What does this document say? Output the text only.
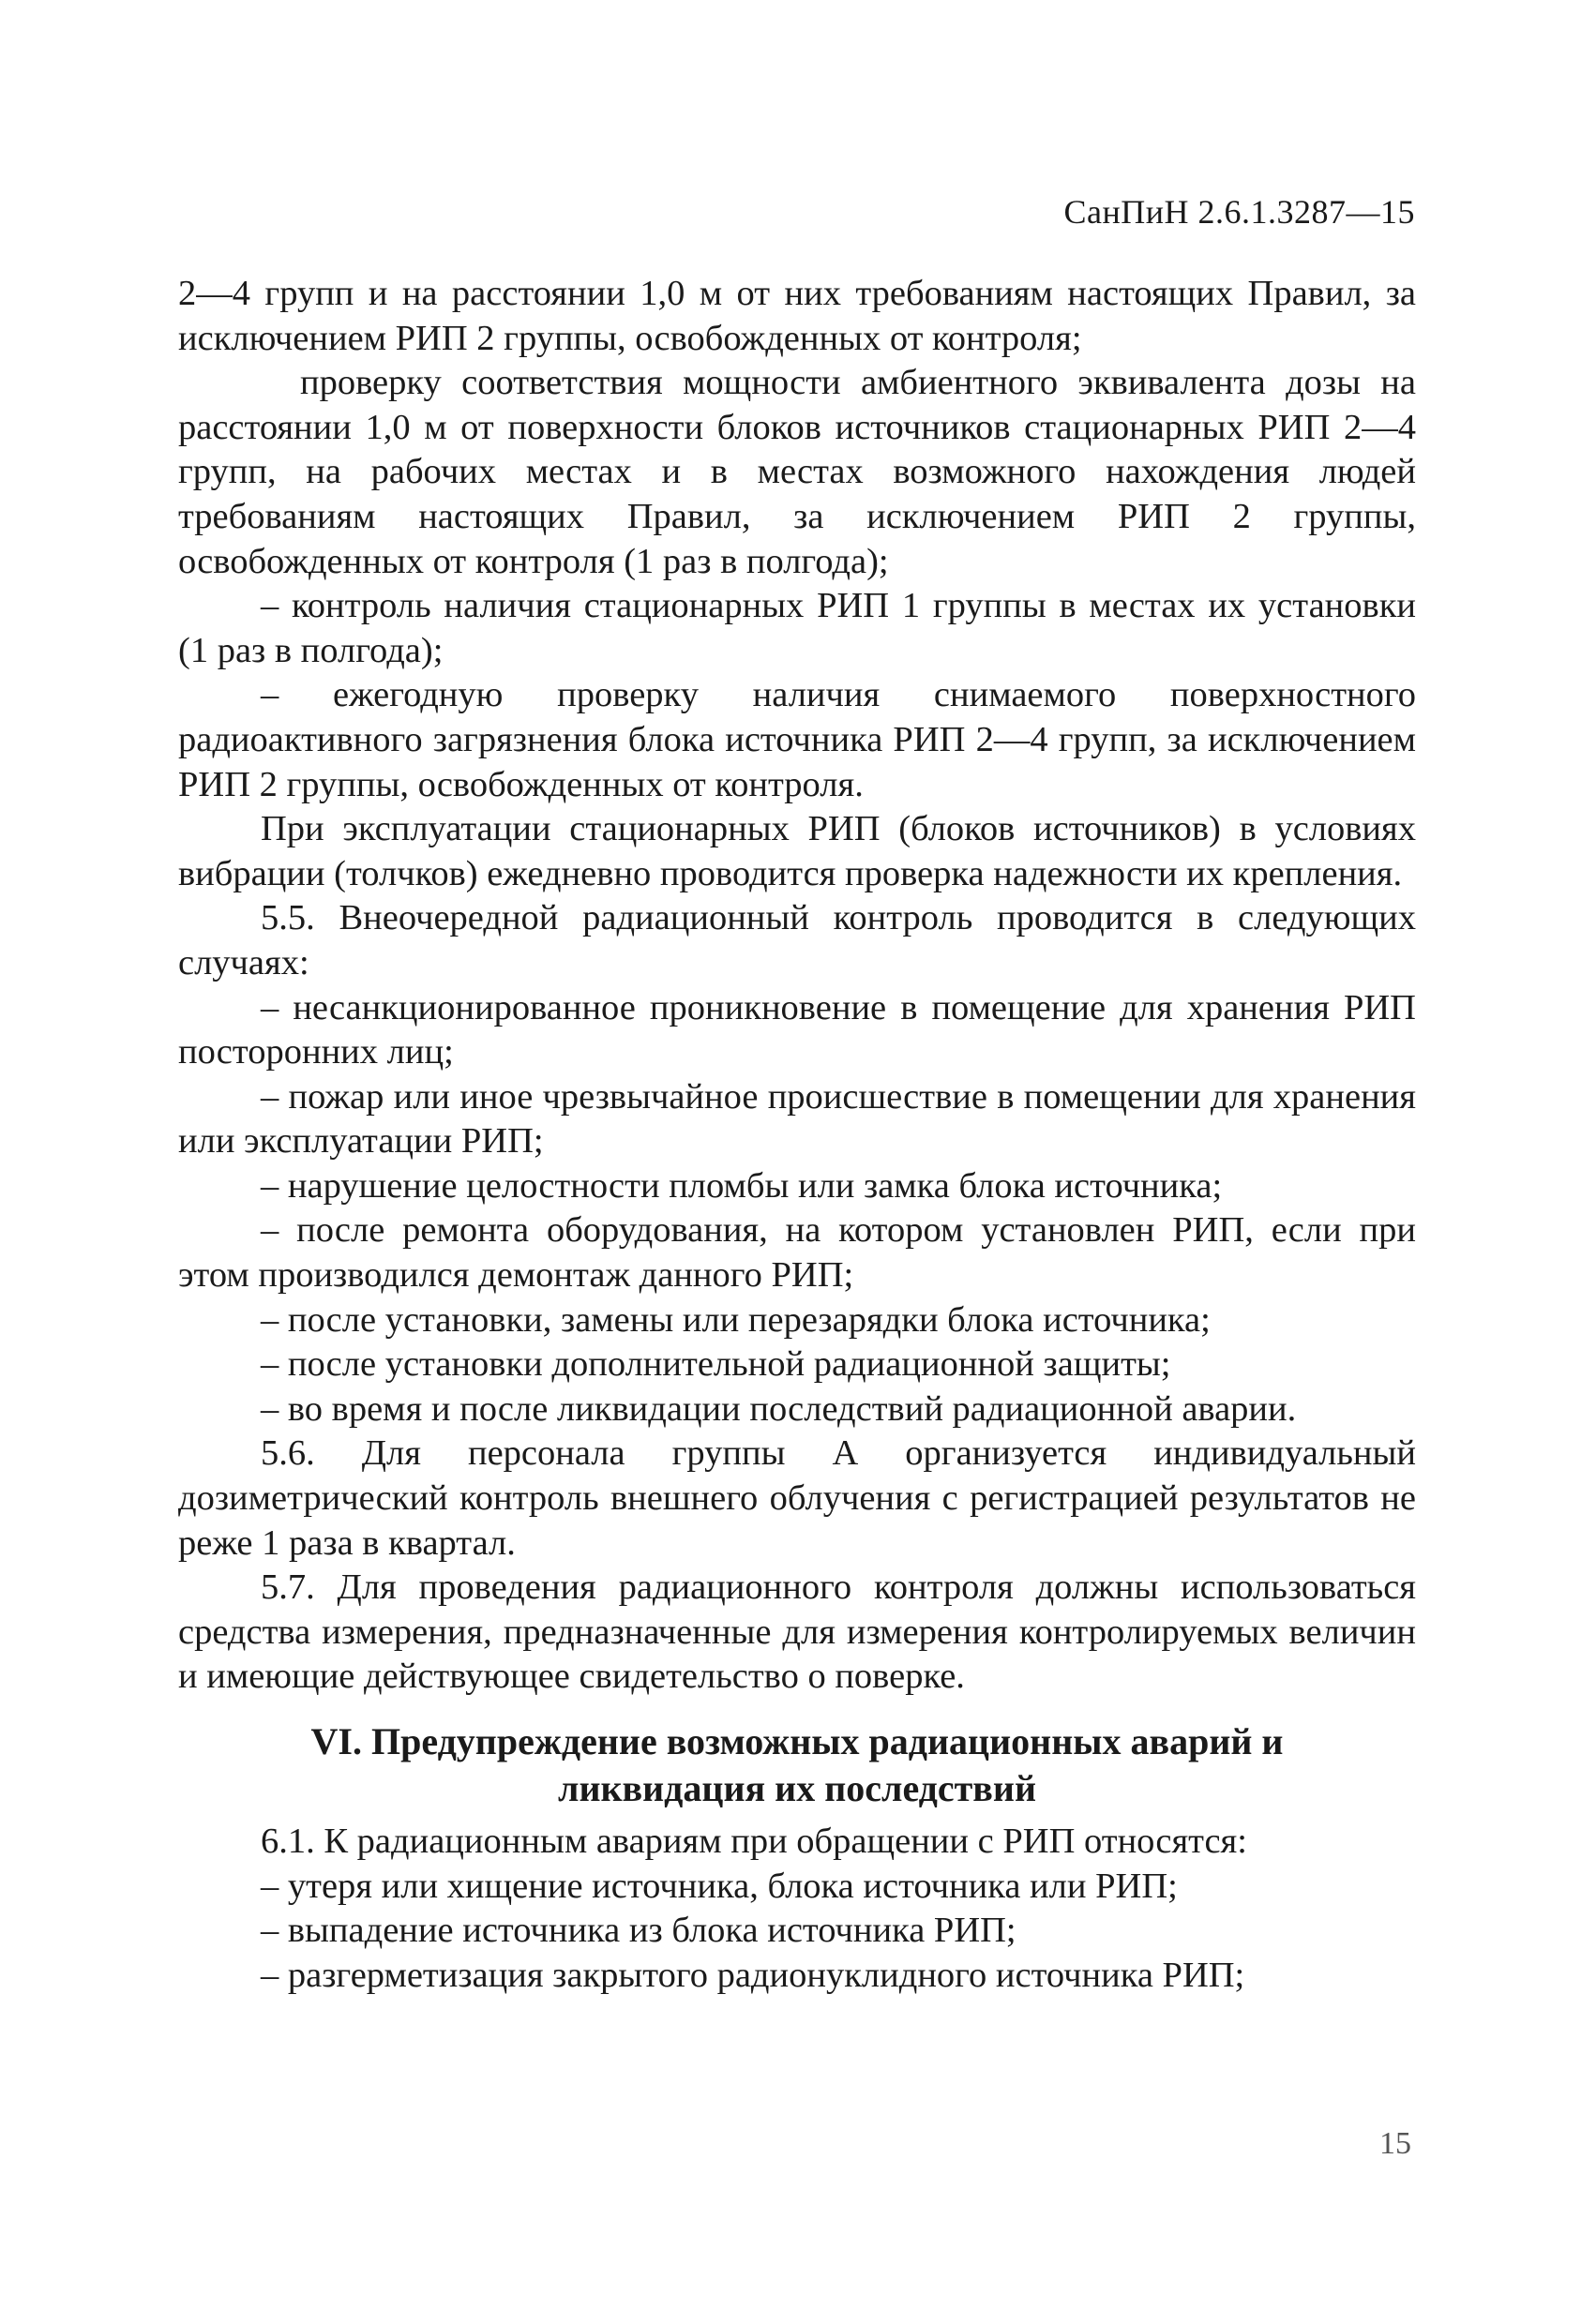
СанПиН 2.6.1.3287—15

2—4 групп и на расстоянии 1,0 м от них требованиям настоящих Правил, за исключением РИП 2 группы, освобожденных от контроля;

проверку соответствия мощности амбиентного эквивалента дозы на расстоянии 1,0 м от поверхности блоков источников стационарных РИП 2—4 групп, на рабочих местах и в местах возможного нахождения людей требованиям настоящих Правил, за исключением РИП 2 группы, освобожденных от контроля (1 раз в полгода);

– контроль наличия стационарных РИП 1 группы в местах их установки (1 раз в полгода);

– ежегодную проверку наличия снимаемого поверхностного радиоактивного загрязнения блока источника РИП 2—4 групп, за исключением РИП 2 группы, освобожденных от контроля.

При эксплуатации стационарных РИП (блоков источников) в условиях вибрации (толчков) ежедневно проводится проверка надежности их крепления.

5.5. Внеочередной радиационный контроль проводится в следующих случаях:

– несанкционированное проникновение в помещение для хранения РИП посторонних лиц;

– пожар или иное чрезвычайное происшествие в помещении для хранения или эксплуатации РИП;

– нарушение целостности пломбы или замка блока источника;

– после ремонта оборудования, на котором установлен РИП, если при этом производился демонтаж данного РИП;

– после установки, замены или перезарядки блока источника;

– после установки дополнительной радиационной защиты;

– во время и после ликвидации последствий радиационной аварии.

5.6. Для персонала группы А организуется индивидуальный дозиметрический контроль внешнего облучения с регистрацией результатов не реже 1 раза в квартал.

5.7. Для проведения радиационного контроля должны использоваться средства измерения, предназначенные для измерения контролируемых величин и имеющие действующее свидетельство о поверке.

VI. Предупреждение возможных радиационных аварий и ликвидация их последствий

6.1. К радиационным авариям при обращении с РИП относятся:

– утеря или хищение источника, блока источника или РИП;

– выпадение источника из блока источника РИП;

– разгерметизация закрытого радионуклидного источника РИП;

15
